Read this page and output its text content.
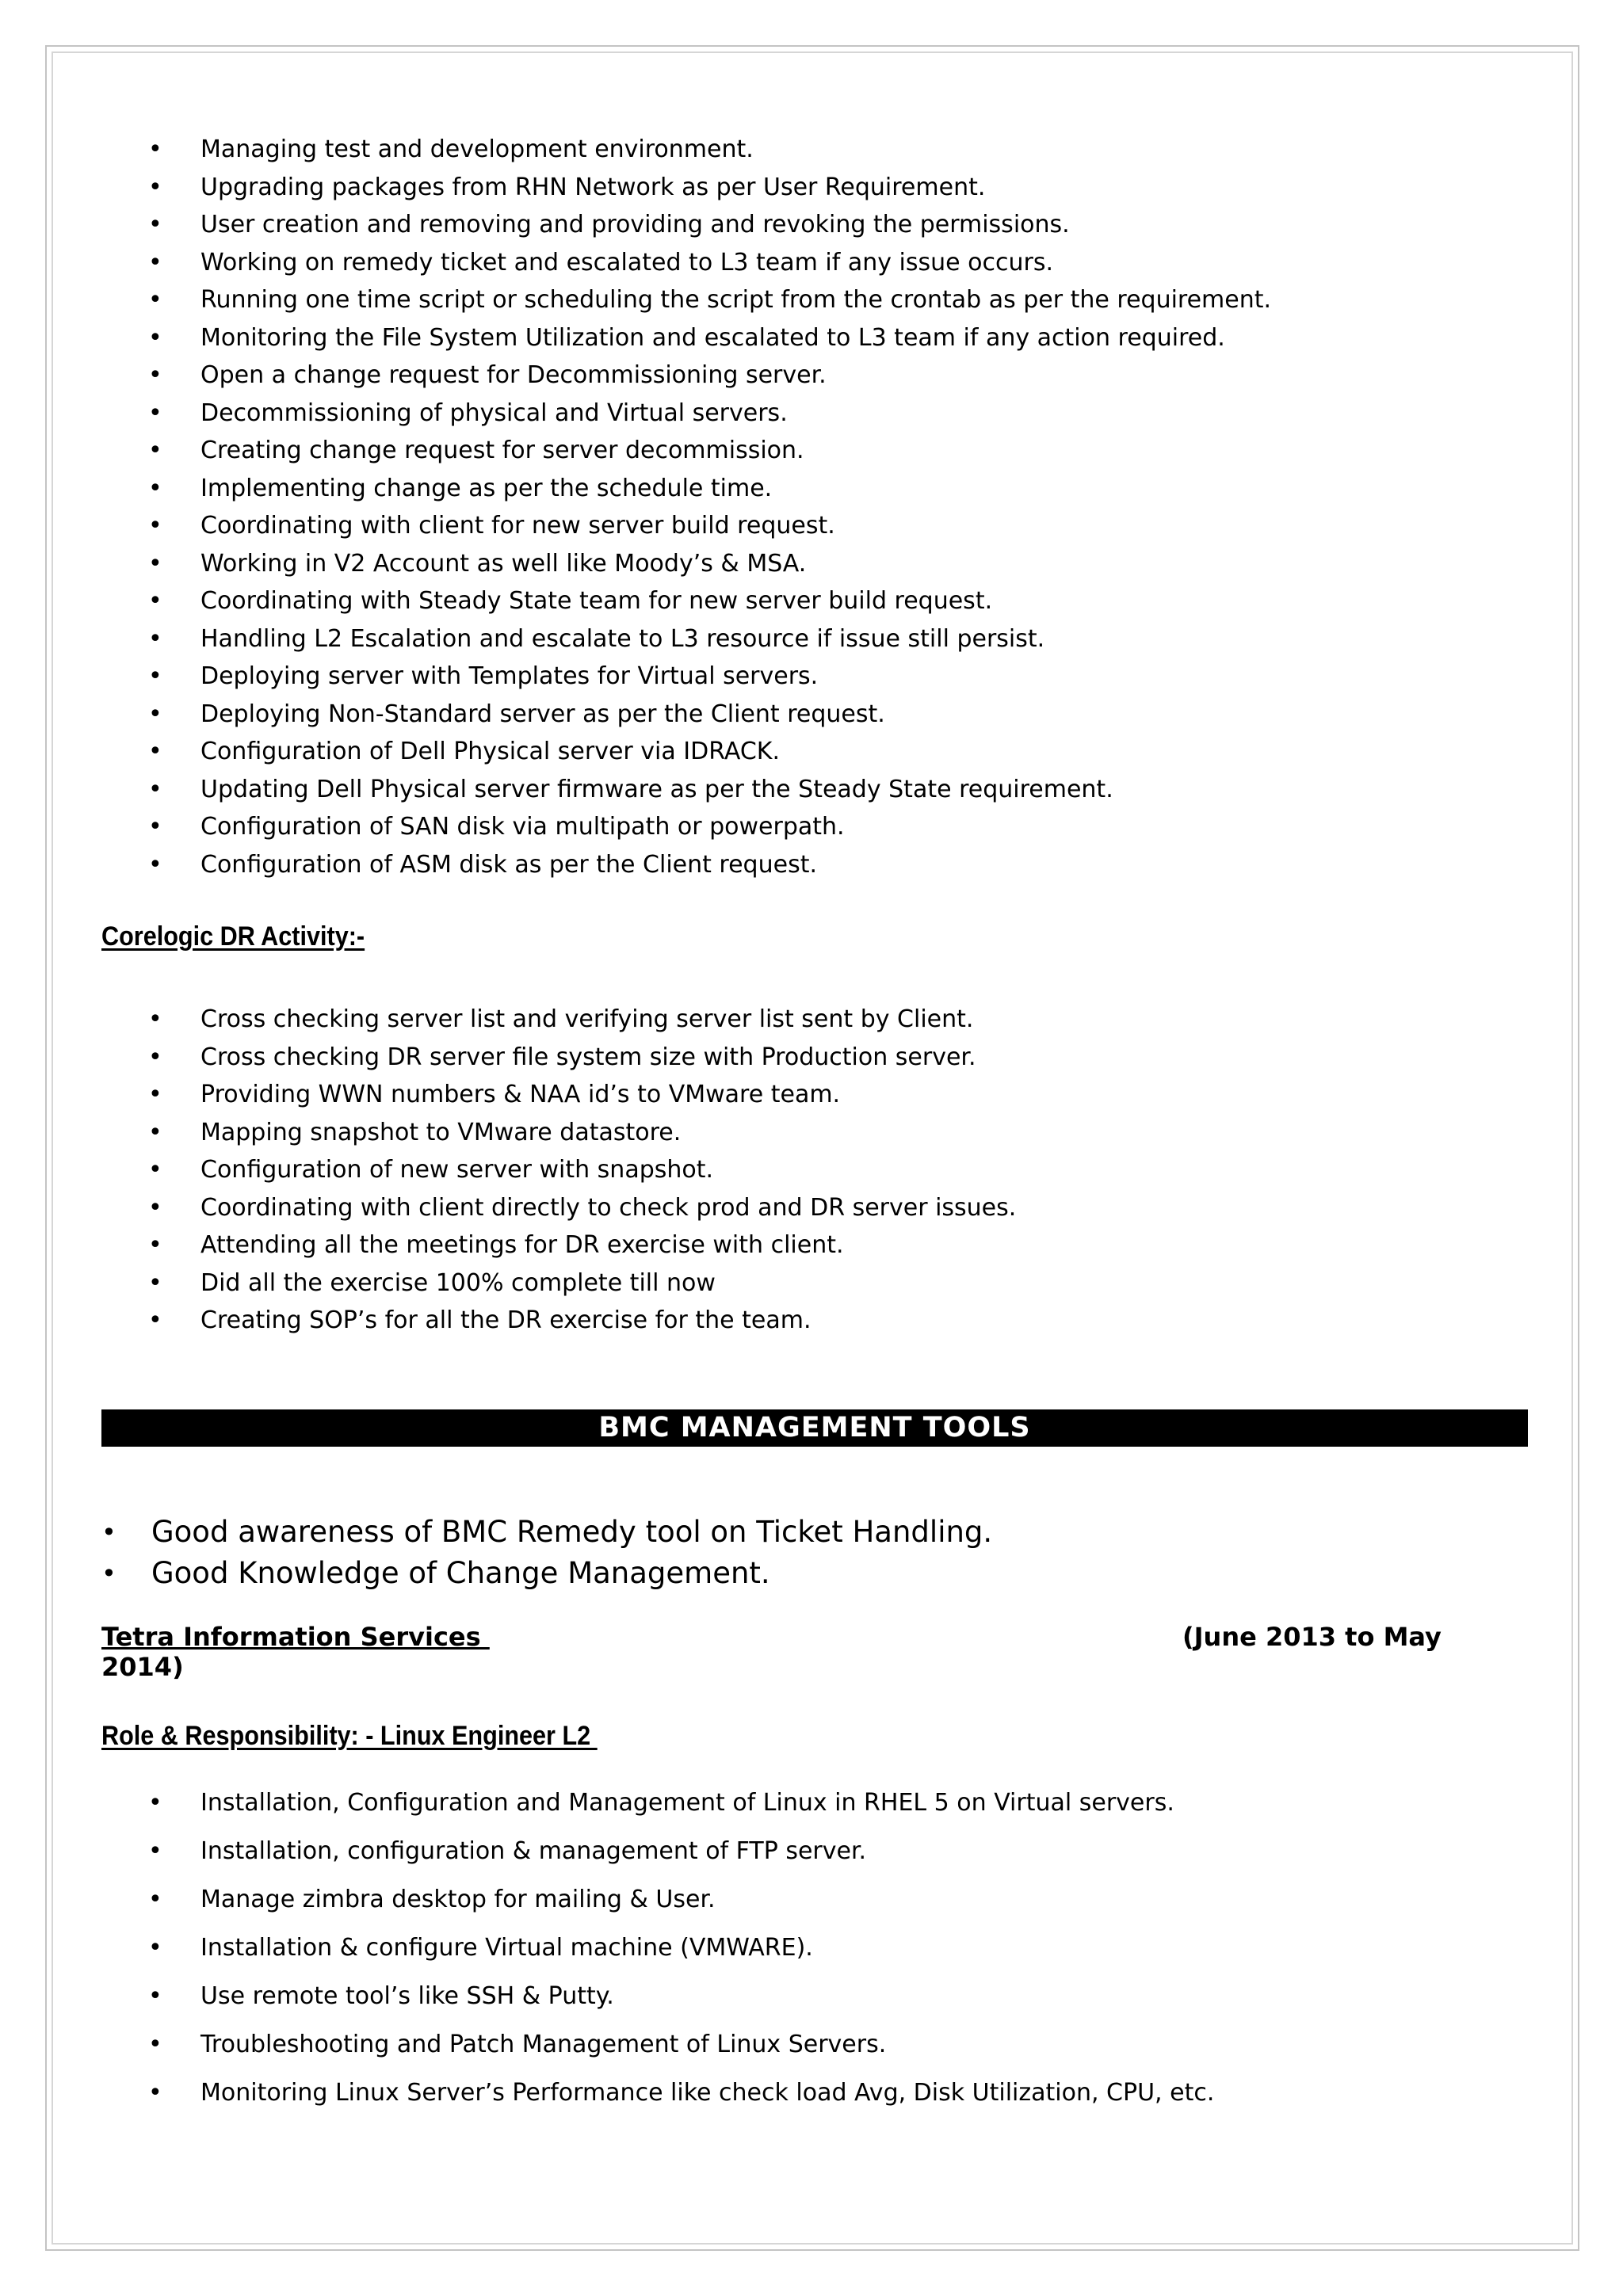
• Managing test and development environment.
• Upgrading packages from RHN Network as per User Requirement.
• User creation and removing and providing and revoking the permissions.
• Working on remedy ticket and escalated to L3 team if any issue occurs.
• Running one time script or scheduling the script from the crontab as per the requirement.
• Monitoring the File System Utilization and escalated to L3 team if any action required.
• Open a change request for Decommissioning server.
• Decommissioning of physical and Virtual servers.
• Creating change request for server decommission.
• Implementing change as per the schedule time.
• Coordinating with client for new server build request.
• Working in V2 Account as well like Moody’s & MSA.
• Coordinating with Steady State team for new server build request.
• Handling L2 Escalation and escalate to L3 resource if issue still persist.
• Deploying server with Templates for Virtual servers.
• Deploying Non-Standard server as per the Client request.
• Configuration of Dell Physical server via IDRACK.
• Updating Dell Physical server firmware as per the Steady State requirement.
• Configuration of SAN disk via multipath or powerpath.
• Configuration of ASM disk as per the Client request.
Corelogic DR Activity:-
• Cross checking server list and verifying server list sent by Client.
• Cross checking DR server file system size with Production server.
• Providing WWN numbers & NAA id’s to VMware team.
• Mapping snapshot to VMware datastore.
• Configuration of new server with snapshot.
• Coordinating with client directly to check prod and DR server issues.
• Attending all the meetings for DR exercise with client.
• Did all the exercise 100% complete till now
• Creating SOP’s for all the DR exercise for the team.
BMC MANAGEMENT TOOLS
• Good awareness of BMC Remedy tool on Ticket Handling.
• Good Knowledge of Change Management.
Tetra Information Services	(June 2013 to May
2014)
Role & Responsibility: - Linux Engineer L2
• Installation, Configuration and Management of Linux in RHEL 5 on Virtual servers.
• Installation, configuration & management of FTP server.
• Manage zimbra desktop for mailing & User.
• Installation & configure Virtual machine (VMWARE).
• Use remote tool’s like SSH & Putty.
• Troubleshooting and Patch Management of Linux Servers.
• Monitoring Linux Server’s Performance like check load Avg, Disk Utilization, CPU, etc.
